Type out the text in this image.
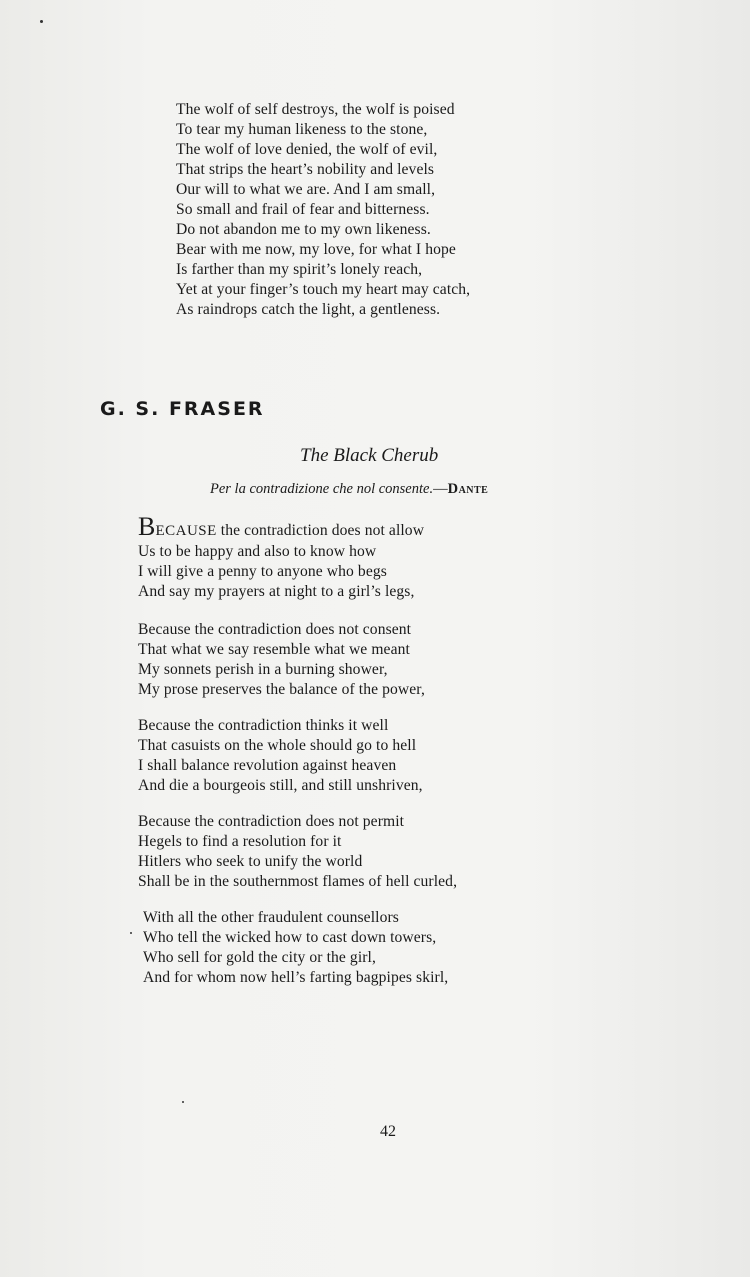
The wolf of self destroys, the wolf is poised
To tear my human likeness to the stone,
The wolf of love denied, the wolf of evil,
That strips the heart’s nobility and levels
Our will to what we are. And I am small,
So small and frail of fear and bitterness.
Do not abandon me to my own likeness.
Bear with me now, my love, for what I hope
Is farther than my spirit’s lonely reach,
Yet at your finger’s touch my heart may catch,
As raindrops catch the light, a gentleness.
G. S. FRASER
The Black Cherub
Per la contradizione che nol consente.—Dante
BECAUSE the contradiction does not allow
Us to be happy and also to know how
I will give a penny to anyone who begs
And say my prayers at night to a girl’s legs,
Because the contradiction does not consent
That what we say resemble what we meant
My sonnets perish in a burning shower,
My prose preserves the balance of the power,
Because the contradiction thinks it well
That casuists on the whole should go to hell
I shall balance revolution against heaven
And die a bourgeois still, and still unshriven,
Because the contradiction does not permit
Hegels to find a resolution for it
Hitlers who seek to unify the world
Shall be in the southernmost flames of hell curled,
With all the other fraudulent counsellors
Who tell the wicked how to cast down towers,
Who sell for gold the city or the girl,
And for whom now hell’s farting bagpipes skirl,
42
